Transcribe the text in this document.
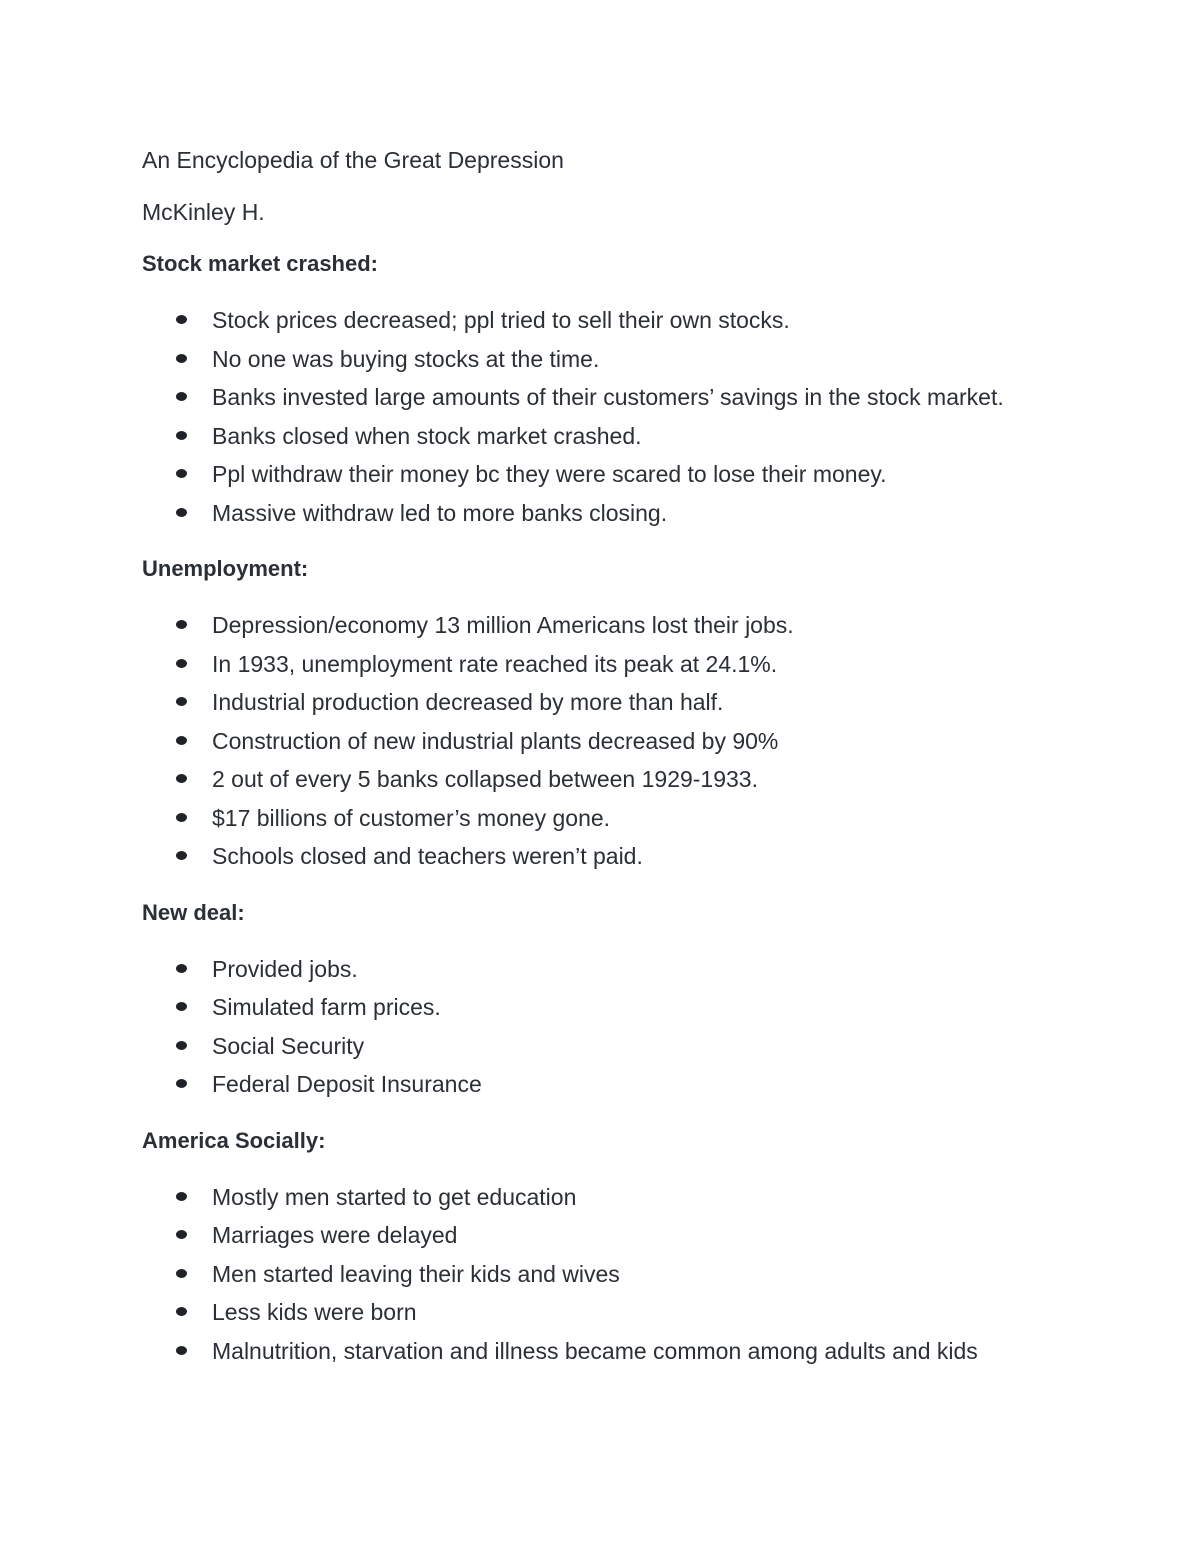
An Encyclopedia of the Great Depression

McKinley H.

Stock market crashed:

Stock prices decreased; ppl tried to sell their own stocks.
No one was buying stocks at the time.
Banks invested large amounts of their customers’ savings in the stock market.
Banks closed when stock market crashed.
Ppl withdraw their money bc they were scared to lose their money.
Massive withdraw led to more banks closing.

Unemployment:

Depression/economy 13 million Americans lost their jobs.
In 1933, unemployment rate reached its peak at 24.1%.
Industrial production decreased by more than half.
Construction of new industrial plants decreased by 90%
2 out of every 5 banks collapsed between 1929-1933.
$17 billions of customer’s money gone.
Schools closed and teachers weren’t paid.

New deal:

Provided jobs.
Simulated farm prices.
Social Security
Federal Deposit Insurance

America Socially:

Mostly men started to get education
Marriages were delayed
Men started leaving their kids and wives
Less kids were born
Malnutrition, starvation and illness became common among adults and kids
